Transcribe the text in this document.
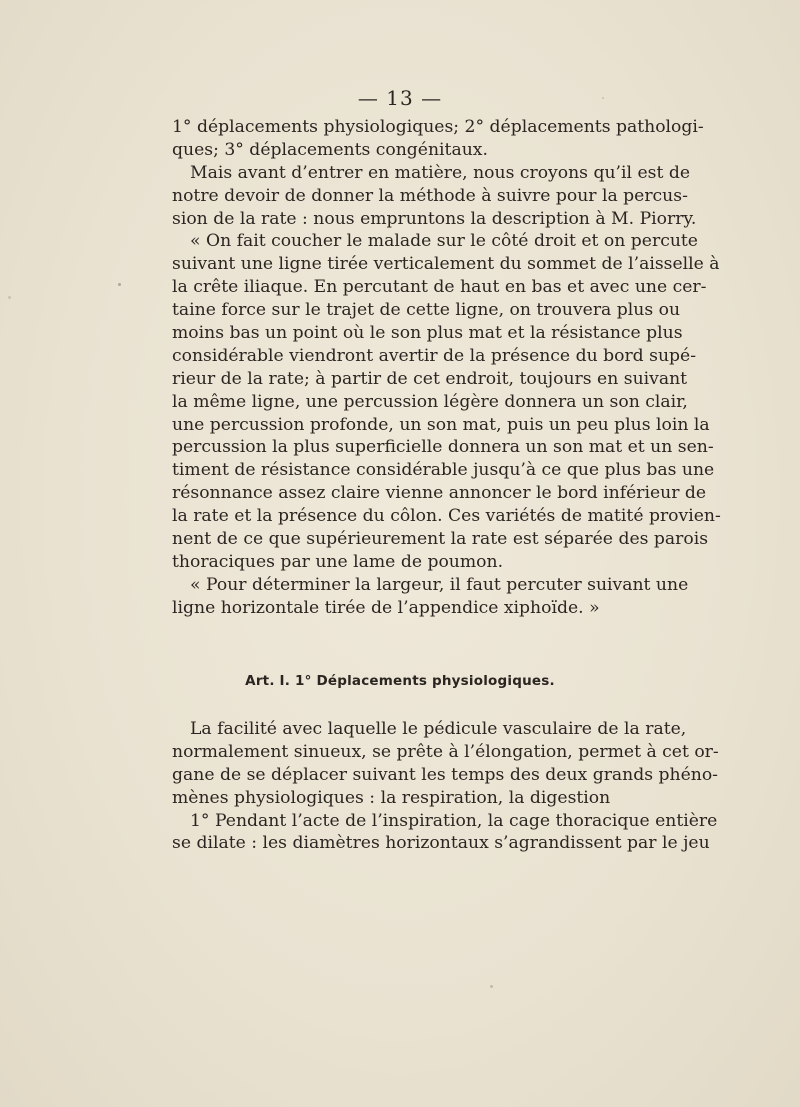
— 13 —
1° déplacements physiologiques; 2° déplacements pathologi-
ques; 3° déplacements congénitaux.
Mais avant d’entrer en matière, nous croyons qu’il est de
notre devoir de donner la méthode à suivre pour la percus-
sion de la rate : nous empruntons la description à M. Piorry.
« On fait coucher le malade sur le côté droit et on percute
suivant une ligne tirée verticalement du sommet de l’aisselle à
la crête iliaque. En percutant de haut en bas et avec une cer-
taine force sur le trajet de cette ligne, on trouvera plus ou
moins bas un point où le son plus mat et la résistance plus
considérable viendront avertir de la présence du bord supé-
rieur de la rate; à partir de cet endroit, toujours en suivant
la même ligne, une percussion légère donnera un son clair,
une percussion profonde, un son mat, puis un peu plus loin la
percussion la plus superficielle donnera un son mat et un sen-
timent de résistance considérable jusqu’à ce que plus bas une
résonnance assez claire vienne annoncer le bord inférieur de
la rate et la présence du côlon. Ces variétés de matité provien-
nent de ce que supérieurement la rate est séparée des parois
thoraciques par une lame de poumon.
« Pour déterminer la largeur, il faut percuter suivant une
ligne horizontale tirée de l’appendice xiphoïde. »
Art. I. 1° Déplacements physiologiques.
La facilité avec laquelle le pédicule vasculaire de la rate,
normalement sinueux, se prête à l’élongation, permet à cet or-
gane de se déplacer suivant les temps des deux grands phéno-
mènes physiologiques : la respiration, la digestion
1° Pendant l’acte de l’inspiration, la cage thoracique entière
se dilate : les diamètres horizontaux s’agrandissent par le jeu
